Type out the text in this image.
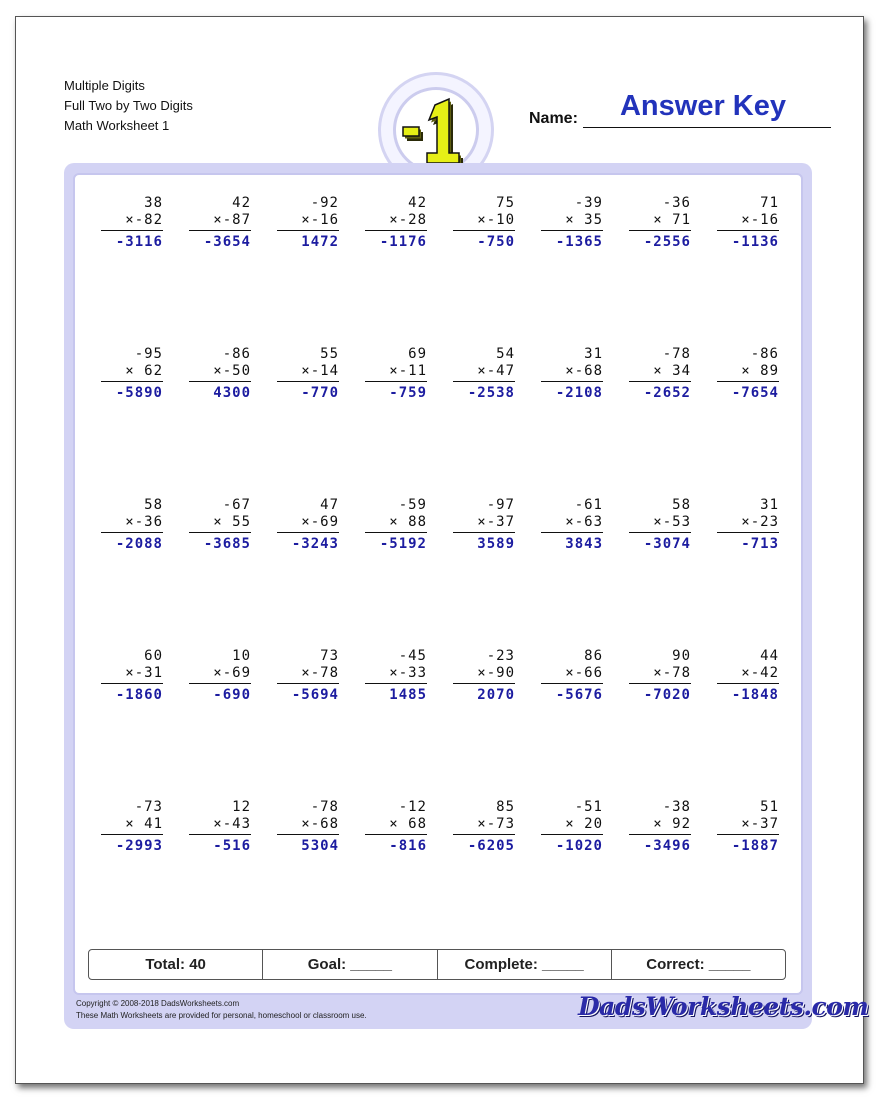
Multiple Digits
Full Two by Two Digits
Math Worksheet 1	Name:	Answer Key
38
×-82
-3116
42
×-87
-3654
-92
×-16
1472
42
×-28
-1176
75
×-10
-750
-39
× 35
-1365
-36
× 71
-2556
71
×-16
-1136
-95
× 62
-5890
-86
×-50
4300
55
×-14
-770
69
×-11
-759
54
×-47
-2538
31
×-68
-2108
-78
× 34
-2652
-86
× 89
-7654
58
×-36
-2088
-67
× 55
-3685
47
×-69
-3243
-59
× 88
-5192
-97
×-37
3589
-61
×-63
3843
58
×-53
-3074
31
×-23
-713
60
×-31
-1860
10
×-69
-690
73
×-78
-5694
-45
×-33
1485
-23
×-90
2070
86
×-66
-5676
90
×-78
-7020
44
×-42
-1848
-73
× 41
-2993
12
×-43
-516
-78
×-68
5304
-12
× 68
-816
85
×-73
-6205
-51
× 20
-1020
-38
× 92
-3496
51
×-37
-1887
Total: 40	Goal: _____	Complete: _____	Correct: _____
Copyright © 2008-2018 DadsWorksheets.com
These Math Worksheets are provided for personal, homeschool or classroom use.	DadsWorksheets.com
